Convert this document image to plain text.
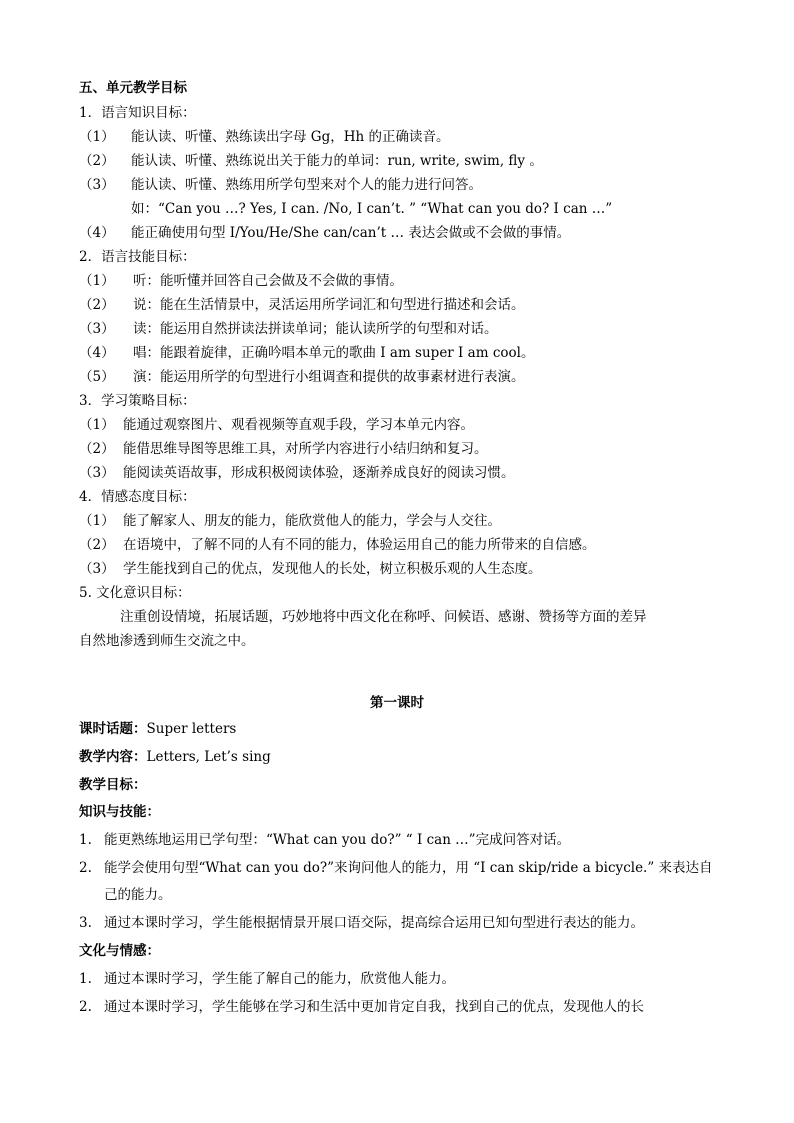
五、单元教学目标
1．语言知识目标：
（1） 能认读、听懂、熟练读出字母 Gg，Hh 的正确读音。
（2） 能认读、听懂、熟练说出关于能力的单词：run, write, swim, fly 。
（3） 能认读、听懂、熟练用所学句型来对个人的能力进行问答。
如：“Can you …? Yes, I can. /No, I can’t. ” “What can you do? I can …”
（4） 能正确使用句型 I/You/He/She can/can’t … 表达会做或不会做的事情。
2．语言技能目标：
（1） 听：能听懂并回答自己会做及不会做的事情。
（2） 说：能在生活情景中，灵活运用所学词汇和句型进行描述和会话。
（3） 读：能运用自然拼读法拼读单词；能认读所学的句型和对话。
（4） 唱：能跟着旋律，正确吟唱本单元的歌曲 I am super I am cool。
（5） 演：能运用所学的句型进行小组调查和提供的故事素材进行表演。
3．学习策略目标：
（1） 能通过观察图片、观看视频等直观手段，学习本单元内容。
（2） 能借思维导图等思维工具，对所学内容进行小结归纳和复习。
（3） 能阅读英语故事，形成积极阅读体验，逐渐养成良好的阅读习惯。
4．情感态度目标：
（1） 能了解家人、朋友的能力，能欣赏他人的能力，学会与人交往。
（2） 在语境中，了解不同的人有不同的能力，体验运用自己的能力所带来的自信感。
（3） 学生能找到自己的优点，发现他人的长处，树立积极乐观的人生态度。
5. 文化意识目标：
注重创设情境，拓展话题，巧妙地将中西文化在称呼、问候语、感谢、赞扬等方面的差异
自然地渗透到师生交流之中。
第一课时
课时话题：Super letters
教学内容：Letters, Let’s sing
教学目标：
知识与技能：
1. 能更熟练地运用已学句型：“What can you do?” “ I can …”完成问答对话。
2. 能学会使用句型“What can you do?”来询问他人的能力，用 “I can skip/ride a bicycle.” 来表达自
己的能力。
3. 通过本课时学习，学生能根据情景开展口语交际，提高综合运用已知句型进行表达的能力。
文化与情感：
1. 通过本课时学习，学生能了解自己的能力，欣赏他人能力。
2. 通过本课时学习，学生能够在学习和生活中更加肯定自我，找到自己的优点，发现他人的长
